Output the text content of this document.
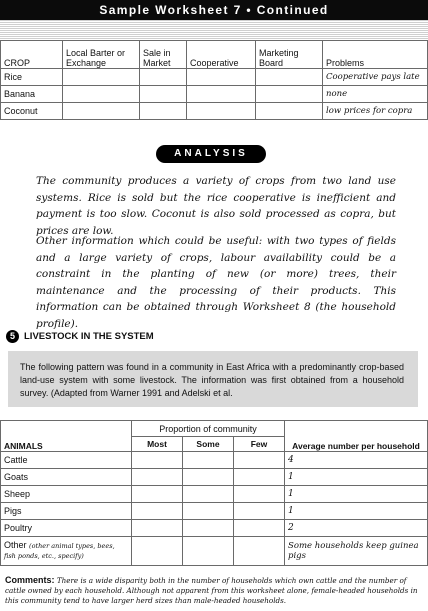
Sample Worksheet 7 • Continued
CROP	Local Barter or Exchange	Sale in Market	Cooperative	Marketing Board	Problems
Rice					Cooperative pays late
Banana					none
Coconut					low prices for copra
ANALYSIS
The community produces a variety of crops from two land use systems. Rice is sold but the rice cooperative is inefficient and payment is too slow. Coconut is also sold processed as copra, but prices are low.
Other information which could be useful: with two types of fields and a large variety of crops, labour availability could be a constraint in the planting of new (or more) trees, their maintenance and the processing of their products. This information can be obtained through Worksheet 8 (the household profile).
5 LIVESTOCK IN THE SYSTEM
The following pattern was found in a community in East Africa with a predominantly crop-based land-use system with some livestock. The information was first obtained from a household survey. (Adapted from Warner 1991 and Adelski et al.
ANIMALS	Proportion of community			Average number per household
	Most	Some	Few	
Cattle				4
Goats				1
Sheep				1
Pigs				1
Poultry				2
Other (other animal types, bees, fish ponds, etc., specify)				Some households keep guinea pigs
Comments: There is a wide disparity both in the number of households which own cattle and the number of cattle owned by each household. Although not apparent from this worksheet alone, female-headed households in this community tend to have larger herd sizes than male-headed households.
